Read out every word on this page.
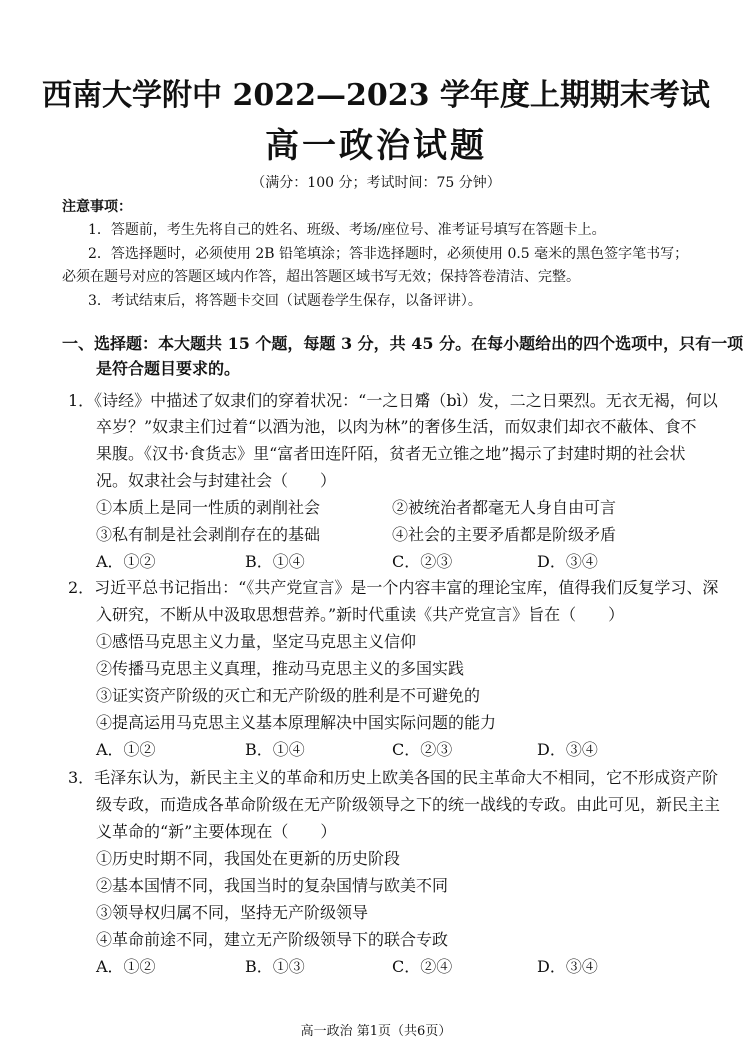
西南大学附中 2022—2023 学年度上期期末考试
高一政治试题
（满分：100 分；考试时间：75 分钟）
注意事项：
1．答题前，考生先将自己的姓名、班级、考场/座位号、准考证号填写在答题卡上。
2．答选择题时，必须使用 2B 铅笔填涂；答非选择题时，必须使用 0.5 毫米的黑色签字笔书写；
必须在题号对应的答题区域内作答，超出答题区域书写无效；保持答卷清洁、完整。
3．考试结束后，将答题卡交回（试题卷学生保存，以备评讲）。
一、选择题：本大题共 15 个题，每题 3 分，共 45 分。在每小题给出的四个选项中，只有一项
是符合题目要求的。
1．《诗经》中描述了奴隶们的穿着状况：“一之日觱（bì）发，二之日栗烈。无衣无褐，何以
卒岁？”奴隶主们过着“以酒为池，以肉为林”的奢侈生活，而奴隶们却衣不蔽体、食不
果腹。《汉书·食货志》里“富者田连阡陌，贫者无立锥之地”揭示了封建时期的社会状
况。奴隶社会与封建社会（　　）
①本质上是同一性质的剥削社会	②被统治者都毫无人身自由可言
③私有制是社会剥削存在的基础	④社会的主要矛盾都是阶级矛盾
A．①②	B．①④	C．②③	D．③④
2．习近平总书记指出：“《共产党宣言》是一个内容丰富的理论宝库，值得我们反复学习、深
入研究，不断从中汲取思想营养。”新时代重读《共产党宣言》旨在（　　）
①感悟马克思主义力量，坚定马克思主义信仰
②传播马克思主义真理，推动马克思主义的多国实践
③证实资产阶级的灭亡和无产阶级的胜利是不可避免的
④提高运用马克思主义基本原理解决中国实际问题的能力
A．①②	B．①④	C．②③	D．③④
3．毛泽东认为，新民主主义的革命和历史上欧美各国的民主革命大不相同，它不形成资产阶
级专政，而造成各革命阶级在无产阶级领导之下的统一战线的专政。由此可见，新民主主
义革命的“新”主要体现在（　　）
①历史时期不同，我国处在更新的历史阶段
②基本国情不同，我国当时的复杂国情与欧美不同
③领导权归属不同，坚持无产阶级领导
④革命前途不同，建立无产阶级领导下的联合专政
A．①②	B．①③	C．②④	D．③④
高一政治 第1页（共6页）
